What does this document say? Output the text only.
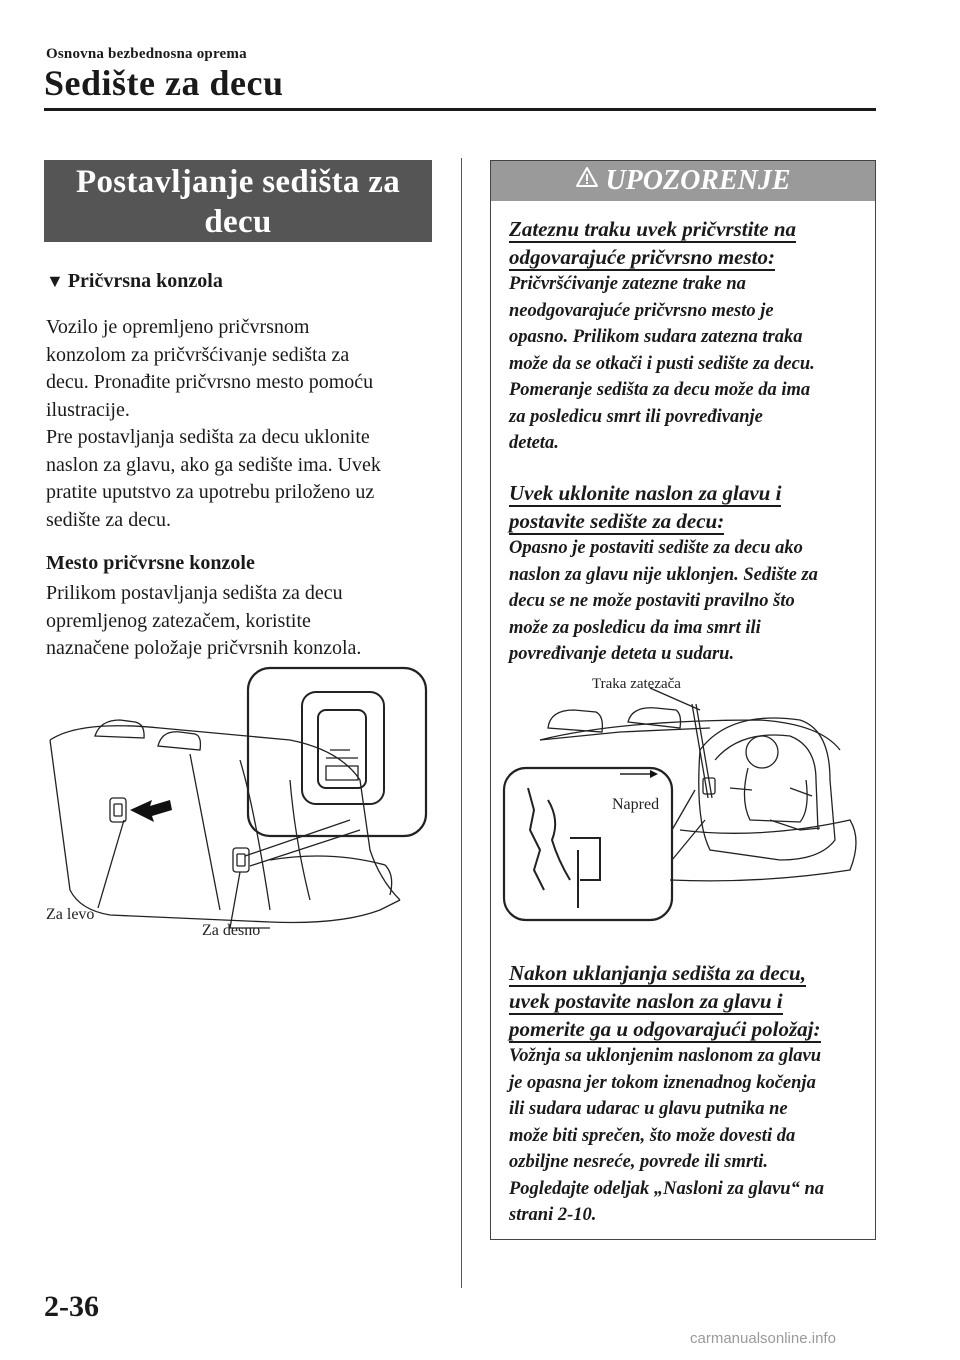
Osnovna bezbednosna oprema
Sedište za decu
Postavljanje sedišta za
decu
▼ Pričvrsna konzola
Vozilo je opremljeno pričvrsnom
konzolom za pričvršćivanje sedišta za
decu. Pronađite pričvrsno mesto pomoću
ilustracije.
Pre postavljanja sedišta za decu uklonite
naslon za glavu, ako ga sedište ima. Uvek
pratite uputstvo za upotrebu priloženo uz
sedište za decu.
Mesto pričvrsne konzole
Prilikom postavljanja sedišta za decu
opremljenog zatezačem, koristite
naznačene položaje pričvrsnih konzola.
Za levo
Za desno
UPOZORENJE
Zateznu traku uvek pričvrstite na
odgovarajuće pričvrsno mesto:
Pričvršćivanje zatezne trake na
neodgovarajuće pričvrsno mesto je
opasno. Prilikom sudara zatezna traka
može da se otkači i pusti sedište za decu.
Pomeranje sedišta za decu može da ima
za posledicu smrt ili povređivanje
deteta.
Uvek uklonite naslon za glavu i
postavite sedište za decu:
Opasno je postaviti sedište za decu ako
naslon za glavu nije uklonjen. Sedište za
decu se ne može postaviti pravilno što
može za posledicu da ima smrt ili
povređivanje deteta u sudaru.
Nakon uklanjanja sedišta za decu,
uvek postavite naslon za glavu i
pomerite ga u odgovarajući položaj:
Vožnja sa uklonjenim naslonom za glavu
je opasna jer tokom iznenadnog kočenja
ili sudara udarac u glavu putnika ne
može biti sprečen, što može dovesti da
ozbiljne nesreće, povrede ili smrti.
Pogledajte odeljak „Nasloni za glavu“ na
strani 2-10.
Traka zatezača
Napred
2-36
carmanualsonline.info
